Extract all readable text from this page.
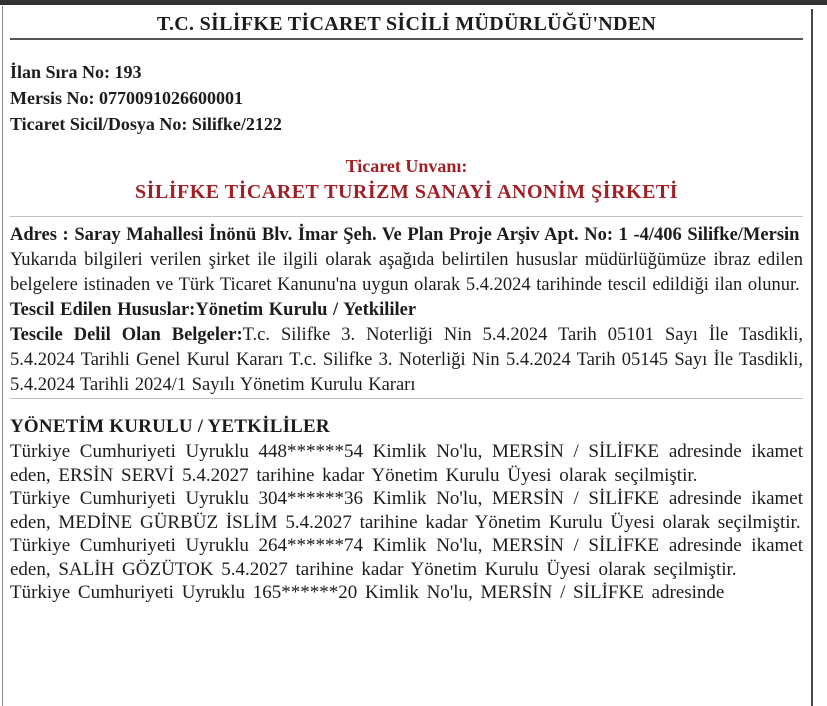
T.C. SİLİFKE TİCARET SİCİLİ MÜDÜRLÜĞÜ'NDEN
İlan Sıra No: 193
Mersis No: 0770091026600001
Ticaret Sicil/Dosya No: Silifke/2122
Ticaret Unvanı:
SİLİFKE TİCARET TURİZM SANAYİ ANONİM ŞİRKETİ

Adres : Saray Mahallesi İnönü Blv. İmar Şeh. Ve Plan Proje Arşiv Apt. No: 1 -4/406 Silifke/Mersin

Yukarıda bilgileri verilen şirket ile ilgili olarak aşağıda belirtilen hususlar müdürlüğümüze ibraz edilen belgelere istinaden ve Türk Ticaret Kanunu'na uygun olarak 5.4.2024 tarihinde tescil edildiği ilan olunur.

Tescil Edilen Hususlar:Yönetim Kurulu / Yetkililer

Tescile Delil Olan Belgeler:T.c. Silifke 3. Noterliği Nin 5.4.2024 Tarih 05101 Sayı İle Tasdikli, 5.4.2024 Tarihli Genel Kurul Kararı T.c. Silifke 3. Noterliği Nin 5.4.2024 Tarih 05145 Sayı İle Tasdikli, 5.4.2024 Tarihli 2024/1 Sayılı Yönetim Kurulu Kararı

YÖNETİM KURULU / YETKİLİLER

Türkiye Cumhuriyeti Uyruklu 448******54 Kimlik No'lu, MERSİN / SİLİFKE adresinde ikamet eden, ERSİN SERVİ 5.4.2027 tarihine kadar Yönetim Kurulu Üyesi olarak seçilmiştir.

Türkiye Cumhuriyeti Uyruklu 304******36 Kimlik No'lu, MERSİN / SİLİFKE adresinde ikamet eden, MEDİNE GÜRBÜZ İSLİM 5.4.2027 tarihine kadar Yönetim Kurulu Üyesi olarak seçilmiştir.

Türkiye Cumhuriyeti Uyruklu 264******74 Kimlik No'lu, MERSİN / SİLİFKE adresinde ikamet eden, SALİH GÖZÜTOK 5.4.2027 tarihine kadar Yönetim Kurulu Üyesi olarak seçilmiştir.

Türkiye Cumhuriyeti Uyruklu 165******20 Kimlik No'lu, MERSİN / SİLİFKE adresinde
